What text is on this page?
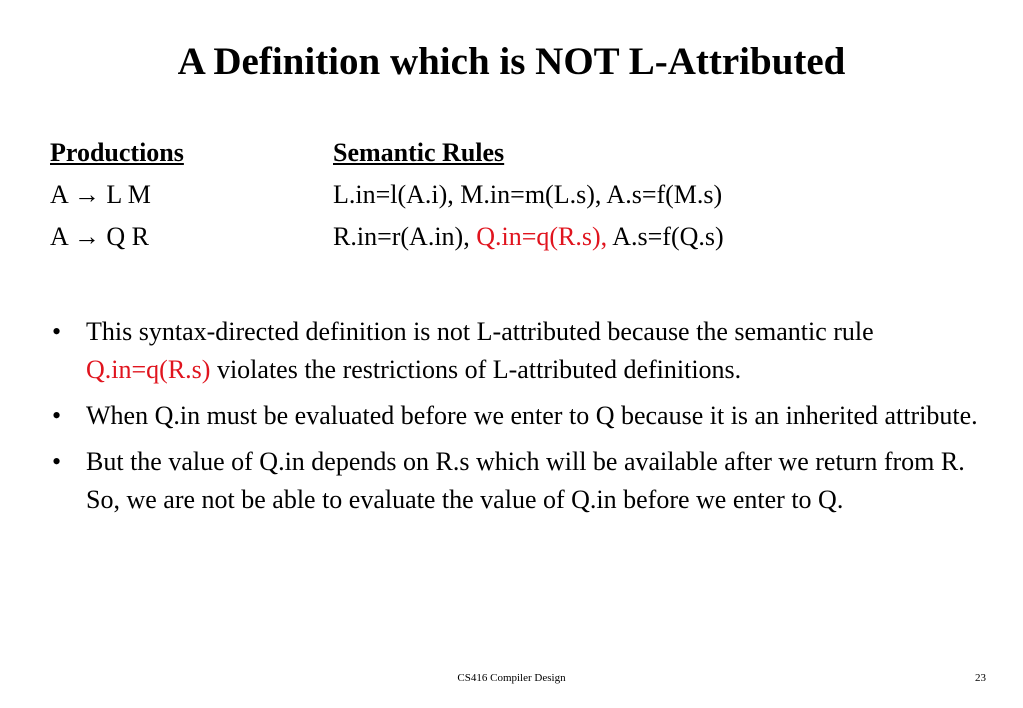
A Definition which is NOT L-Attributed
Productions	Semantic Rules
A → L M	L.in=l(A.i), M.in=m(L.s), A.s=f(M.s)
A → Q R	R.in=r(A.in), Q.in=q(R.s), A.s=f(Q.s)
• This syntax-directed definition is not L-attributed because the semantic rule Q.in=q(R.s) violates the restrictions of L-attributed definitions.
• When Q.in must be evaluated before we enter to Q because it is an inherited attribute.
• But the value of Q.in depends on R.s which will be available after we return from R. So, we are not be able to evaluate the value of Q.in before we enter to Q.
CS416 Compiler Design	23
